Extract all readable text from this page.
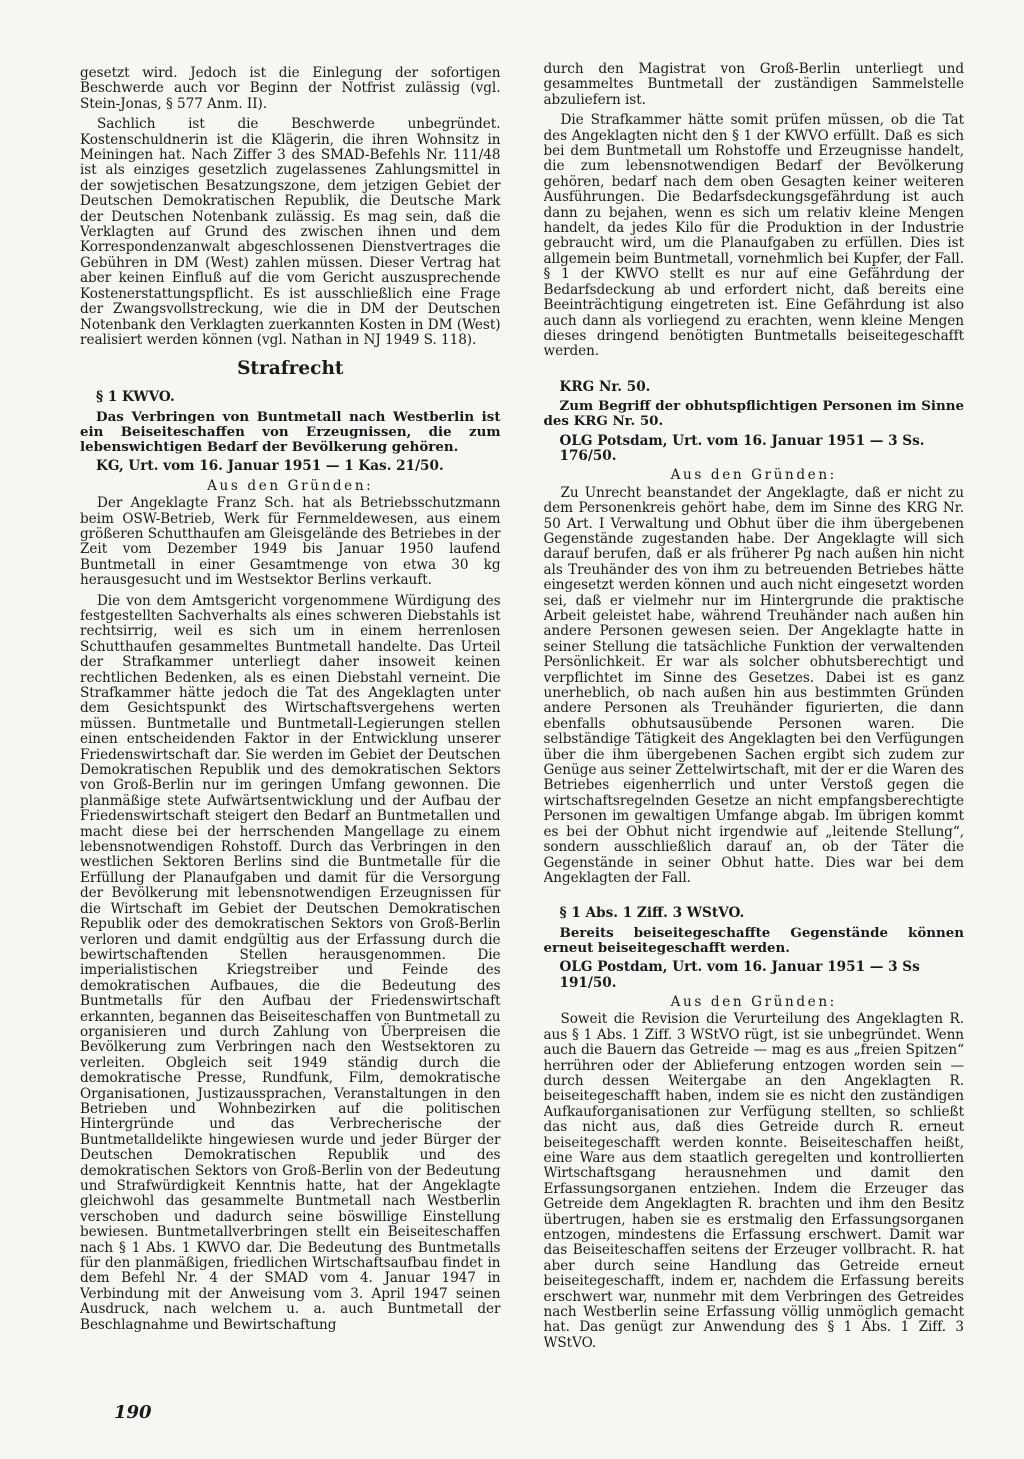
gesetzt wird. Jedoch ist die Einlegung der sofortigen Beschwerde auch vor Beginn der Notfrist zulässig (vgl. Stein-Jonas, § 577 Anm. II).

Sachlich ist die Beschwerde unbegründet. Kostenschuldnerin ist die Klägerin, die ihren Wohnsitz in Meiningen hat. Nach Ziffer 3 des SMAD-Befehls Nr. 111/48 ist als einziges gesetzlich zugelassenes Zahlungsmittel in der sowjetischen Besatzungszone, dem jetzigen Gebiet der Deutschen Demokratischen Republik, die Deutsche Mark der Deutschen Notenbank zulässig. Es mag sein, daß die Verklagten auf Grund des zwischen ihnen und dem Korrespondenzanwalt abgeschlossenen Dienstvertrages die Gebühren in DM (West) zahlen müssen. Dieser Vertrag hat aber keinen Einfluß auf die vom Gericht auszusprechende Kostenerstattungspflicht. Es ist ausschließlich eine Frage der Zwangsvollstreckung, wie die in DM der Deutschen Notenbank den Verklagten zuerkannten Kosten in DM (West) realisiert werden können (vgl. Nathan in NJ 1949 S. 118).

Strafrecht
§ 1 KWVO.
Das Verbringen von Buntmetall nach Westberlin ist ein Beiseiteschaffen von Erzeugnissen, die zum lebenswichtigen Bedarf der Bevölkerung gehören.
KG, Urt. vom 16. Januar 1951 — 1 Kas. 21/50.
Aus den Gründen:

Der Angeklagte Franz Sch. hat als Betriebsschutzmann beim OSW-Betrieb, Werk für Fernmeldewesen, aus einem größeren Schutthaufen am Gleisgelände des Betriebes in der Zeit vom Dezember 1949 bis Januar 1950 laufend Buntmetall in einer Gesamtmenge von etwa 30 kg herausgesucht und im Westsektor Berlins verkauft.

Die von dem Amtsgericht vorgenommene Würdigung des festgestellten Sachverhalts als eines schweren Diebstahls ist rechtsirrig, weil es sich um in einem herrenlosen Schutthaufen gesammeltes Buntmetall handelte. Das Urteil der Strafkammer unterliegt daher insoweit keinen rechtlichen Bedenken, als es einen Diebstahl verneint. Die Strafkammer hätte jedoch die Tat des Angeklagten unter dem Gesichtspunkt des Wirtschaftsvergehens werten müssen. Buntmetalle und Buntmetall-Legierungen stellen einen entscheidenden Faktor in der Entwicklung unserer Friedenswirtschaft dar. Sie werden im Gebiet der Deutschen Demokratischen Republik und des demokratischen Sektors von Groß-Berlin nur im geringen Umfang gewonnen. Die planmäßige stete Aufwärtsentwicklung und der Aufbau der Friedenswirtschaft steigert den Bedarf an Buntmetallen und macht diese bei der herrschenden Mangellage zu einem lebensnotwendigen Rohstoff. Durch das Verbringen in den westlichen Sektoren Berlins sind die Buntmetalle für die Erfüllung der Planaufgaben und damit für die Versorgung der Bevölkerung mit lebensnotwendigen Erzeugnissen für die Wirtschaft im Gebiet der Deutschen Demokratischen Republik oder des demokratischen Sektors von Groß-Berlin verloren und damit endgültig aus der Erfassung durch die bewirtschaftenden Stellen herausgenommen. Die imperialistischen Kriegstreiber und Feinde des demokratischen Aufbaues, die die Bedeutung des Buntmetalls für den Aufbau der Friedenswirtschaft erkannten, begannen das Beiseiteschaffen von Buntmetall zu organisieren und durch Zahlung von Überpreisen die Bevölkerung zum Verbringen nach den Westsektoren zu verleiten. Obgleich seit 1949 ständig durch die demokratische Presse, Rundfunk, Film, demokratische Organisationen, Justizaussprachen, Veranstaltungen in den Betrieben und Wohnbezirken auf die politischen Hintergründe und das Verbrecherische der Buntmetalldelikte hingewiesen wurde und jeder Bürger der Deutschen Demokratischen Republik und des demokratischen Sektors von Groß-Berlin von der Bedeutung und Strafwürdigkeit Kenntnis hatte, hat der Angeklagte gleichwohl das gesammelte Buntmetall nach Westberlin verschoben und dadurch seine böswillige Einstellung bewiesen. Buntmetallverbringen stellt ein Beiseiteschaffen nach § 1 Abs. 1 KWVO dar. Die Bedeutung des Buntmetalls für den planmäßigen, friedlichen Wirtschaftsaufbau findet in dem Befehl Nr. 4 der SMAD vom 4. Januar 1947 in Verbindung mit der Anweisung vom 3. April 1947 seinen Ausdruck, nach welchem u. a. auch Buntmetall der Beschlagnahme und Bewirtschaftung

durch den Magistrat von Groß-Berlin unterliegt und gesammeltes Buntmetall der zuständigen Sammelstelle abzuliefern ist.

Die Strafkammer hätte somit prüfen müssen, ob die Tat des Angeklagten nicht den § 1 der KWVO erfüllt. Daß es sich bei dem Buntmetall um Rohstoffe und Erzeugnisse handelt, die zum lebensnotwendigen Bedarf der Bevölkerung gehören, bedarf nach dem oben Gesagten keiner weiteren Ausführungen. Die Bedarfsdeckungsgefährdung ist auch dann zu bejahen, wenn es sich um relativ kleine Mengen handelt, da jedes Kilo für die Produktion in der Industrie gebraucht wird, um die Planaufgaben zu erfüllen. Dies ist allgemein beim Buntmetall, vornehmlich bei Kupfer, der Fall. § 1 der KWVO stellt es nur auf eine Gefährdung der Bedarfsdeckung ab und erfordert nicht, daß bereits eine Beeinträchtigung eingetreten ist. Eine Gefährdung ist also auch dann als vorliegend zu erachten, wenn kleine Mengen dieses dringend benötigten Buntmetalls beiseitegeschafft werden.

KRG Nr. 50.
Zum Begriff der obhutspflichtigen Personen im Sinne des KRG Nr. 50.
OLG Potsdam, Urt. vom 16. Januar 1951 — 3 Ss. 176/50.
Aus den Gründen:

Zu Unrecht beanstandet der Angeklagte, daß er nicht zu dem Personenkreis gehört habe, dem im Sinne des KRG Nr. 50 Art. I Verwaltung und Obhut über die ihm übergebenen Gegenstände zugestanden habe. Der Angeklagte will sich darauf berufen, daß er als früherer Pg nach außen hin nicht als Treuhänder des von ihm zu betreuenden Betriebes hätte eingesetzt werden können und auch nicht eingesetzt worden sei, daß er vielmehr nur im Hintergrunde die praktische Arbeit geleistet habe, während Treuhänder nach außen hin andere Personen gewesen seien. Der Angeklagte hatte in seiner Stellung die tatsächliche Funktion der verwaltenden Persönlichkeit. Er war als solcher obhutsberechtigt und verpflichtet im Sinne des Gesetzes. Dabei ist es ganz unerheblich, ob nach außen hin aus bestimmten Gründen andere Personen als Treuhänder figurierten, die dann ebenfalls obhutsausübende Personen waren. Die selbständige Tätigkeit des Angeklagten bei den Verfügungen über die ihm übergebenen Sachen ergibt sich zudem zur Genüge aus seiner Zettelwirtschaft, mit der er die Waren des Betriebes eigenherrlich und unter Verstoß gegen die wirtschaftsregelnden Gesetze an nicht empfangsberechtigte Personen im gewaltigen Umfange abgab. Im übrigen kommt es bei der Obhut nicht irgendwie auf „leitende Stellung“, sondern ausschließlich darauf an, ob der Täter die Gegenstände in seiner Obhut hatte. Dies war bei dem Angeklagten der Fall.

§ 1 Abs. 1 Ziff. 3 WStVO.
Bereits beiseitegeschaffte Gegenstände können erneut beiseitegeschafft werden.
OLG Postdam, Urt. vom 16. Januar 1951 — 3 Ss 191/50.
Aus den Gründen:

Soweit die Revision die Verurteilung des Angeklagten R. aus § 1 Abs. 1 Ziff. 3 WStVO rügt, ist sie unbegründet. Wenn auch die Bauern das Getreide — mag es aus „freien Spitzen“ herrühren oder der Ablieferung entzogen worden sein — durch dessen Weitergabe an den Angeklagten R. beiseitegeschafft haben, indem sie es nicht den zuständigen Aufkauforganisationen zur Verfügung stellten, so schließt das nicht aus, daß dies Getreide durch R. erneut beiseitegeschafft werden konnte. Beiseiteschaffen heißt, eine Ware aus dem staatlich geregelten und kontrollierten Wirtschaftsgang herausnehmen und damit den Erfassungsorganen entziehen. Indem die Erzeuger das Getreide dem Angeklagten R. brachten und ihm den Besitz übertrugen, haben sie es erstmalig den Erfassungsorganen entzogen, mindestens die Erfassung erschwert. Damit war das Beiseiteschaffen seitens der Erzeuger vollbracht. R. hat aber durch seine Handlung das Getreide erneut beiseitegeschafft, indem er, nachdem die Erfassung bereits erschwert war, nunmehr mit dem Verbringen des Getreides nach Westberlin seine Erfassung völlig unmöglich gemacht hat. Das genügt zur Anwendung des § 1 Abs. 1 Ziff. 3 WStVO.

190
